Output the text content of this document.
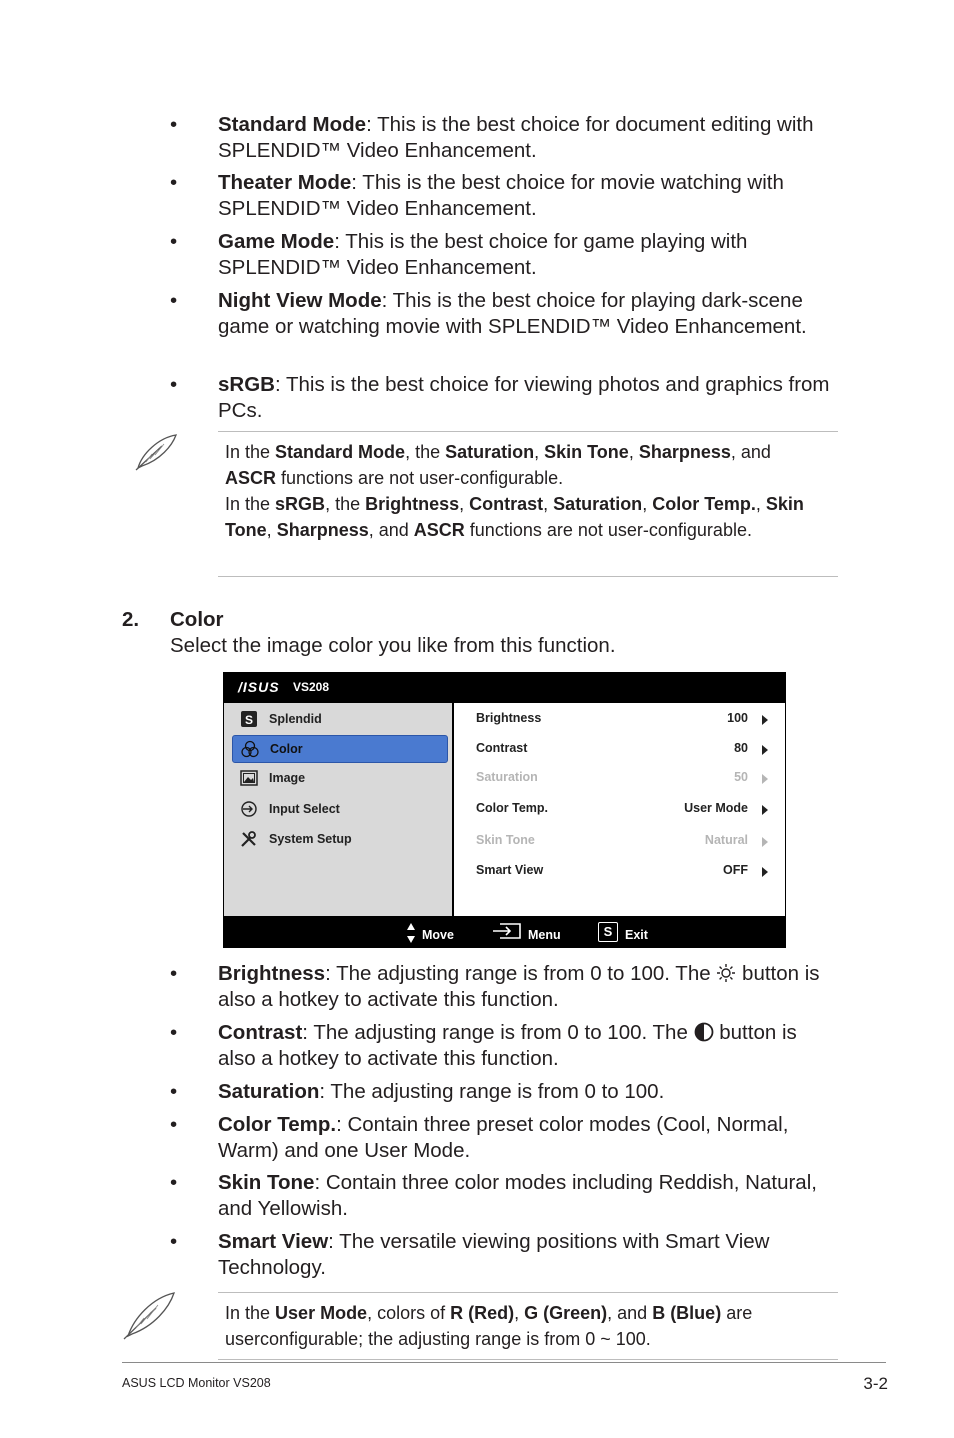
• Standard Mode: This is the best choice for document editing with SPLENDID™ Video Enhancement.
• Theater Mode: This is the best choice for movie watching with SPLENDID™ Video Enhancement.
• Game Mode: This is the best choice for game playing with SPLENDID™ Video Enhancement.
• Night View Mode: This is the best choice for playing dark-scene game or watching movie with SPLENDID™ Video Enhancement.
• sRGB: This is the best choice for viewing photos and graphics from PCs.
In the Standard Mode, the Saturation, Skin Tone, Sharpness, and ASCR functions are not user-configurable.
In the sRGB, the Brightness, Contrast, Saturation, Color Temp., Skin Tone, Sharpness, and ASCR functions are not user-configurable.
2. Color
Select the image color you like from this function.
/ISUS VS208
S Splendid
Color
Image
Input Select
System Setup
Brightness	100
Contrast	80
Saturation	50
Color Temp.	User Mode
Skin Tone	Natural
Smart View	OFF
Move	Menu	S	Exit
• Brightness: The adjusting range is from 0 to 100. The  button is also a hotkey to activate this function.
• Contrast: The adjusting range is from 0 to 100. The  button is also a hotkey to activate this function.
• Saturation: The adjusting range is from 0 to 100.
• Color Temp.: Contain three preset color modes (Cool, Normal, Warm) and one User Mode.
• Skin Tone: Contain three color modes including Reddish, Natural, and Yellowish.
• Smart View: The versatile viewing positions with Smart View Technology.
In the User Mode, colors of R (Red), G (Green), and B (Blue) are userconfigurable; the adjusting range is from 0 ~ 100.
ASUS LCD Monitor VS208	3-2
